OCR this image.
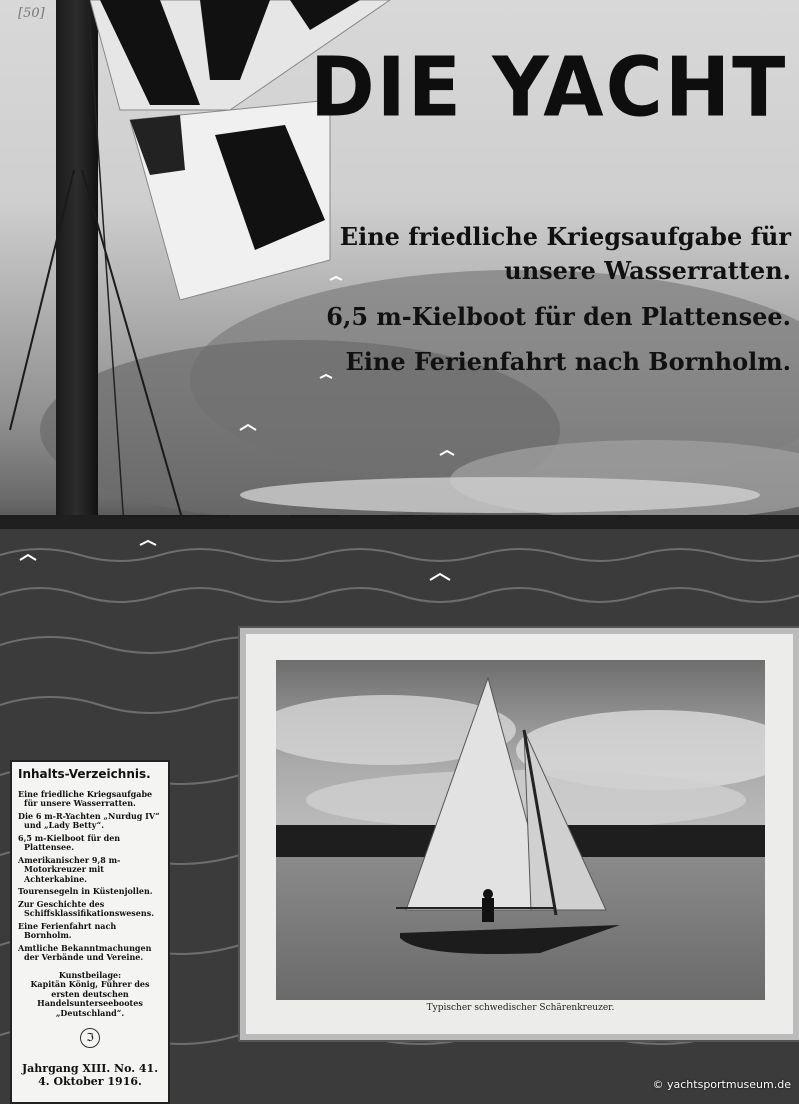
[50]

DIE YACHT

Eine friedliche Kriegsaufgabe für

unsere Wasserratten.

6,5 m-Kielboot für den Plattensee.

Eine Ferienfahrt nach Bornholm.

Typischer schwedischer Schärenkreuzer.

Inhalts-Verzeichnis.
Eine friedliche Kriegsaufgabe für unsere Wasserratten.
Die 6 m-R-Yachten „Nurdug IV“ und „Lady Betty“.
6,5 m-Kielboot für den Plattensee.
Amerikanischer 9,8 m-Motorkreuzer mit Achterkabine.
Tourensegeln in Küstenjollen.
Zur Geschichte des Schiffsklassifikationswesens.
Eine Ferienfahrt nach Bornholm.
Amtliche Bekanntmachungen der Verbände und Vereine.
Kunstbeilage:
Kapitän König, Führer des ersten deutschen Handelsunterseebootes „Deutschland“.
ℑ
Jahrgang XIII. No. 41.
4. Oktober 1916.	© yachtsportmuseum.de
